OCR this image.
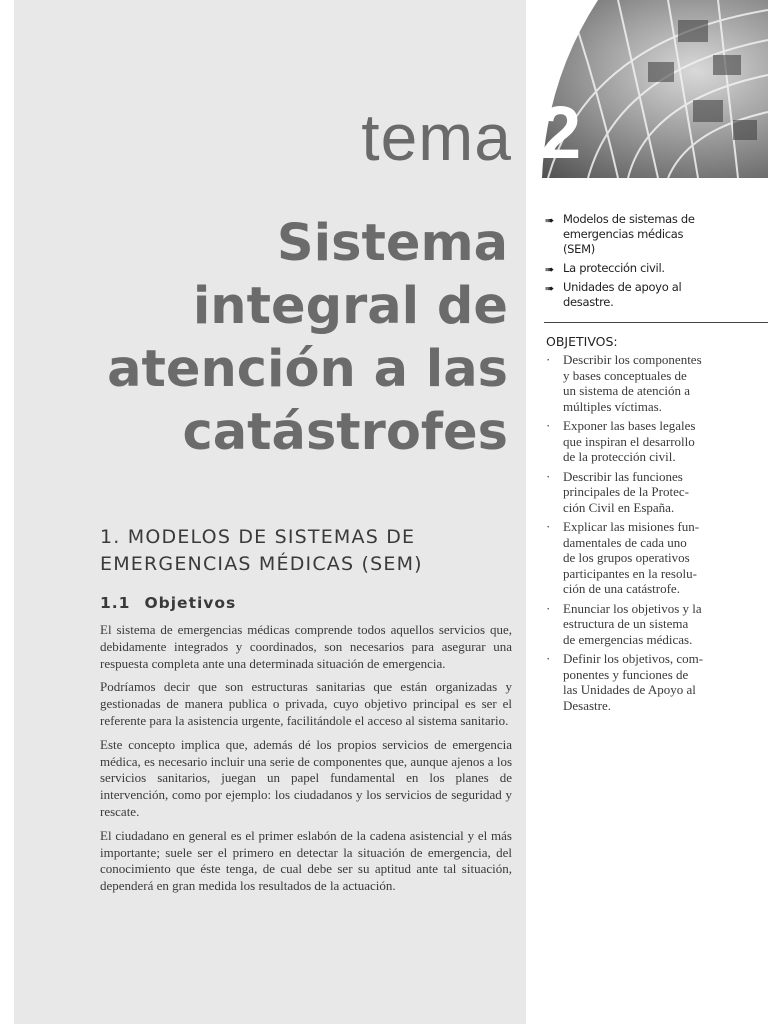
tema 2
Sistema
integral de
atención a las
catástrofes
➠ Modelos de sistemas de
emergencias médicas
(SEM)
➠ La protección civil.
➠ Unidades de apoyo al
desastre.
OBJETIVOS:
· Describir los componentes
y bases conceptuales de
un sistema de atención a
múltiples víctimas.
· Exponer las bases legales
que inspiran el desarrollo
de la protección civil.
· Describir las funciones
principales de la Protec-
ción Civil en España.
· Explicar las misiones fun-
damentales de cada uno
de los grupos operativos
participantes en la resolu-
ción de una catástrofe.
· Enunciar los objetivos y la
estructura de un sistema
de emergencias médicas.
· Definir los objetivos, com-
ponentes y funciones de
las Unidades de Apoyo al
Desastre.
1. MODELOS DE SISTEMAS DE
EMERGENCIAS MÉDICAS (SEM)
1.1 Objetivos

El sistema de emergencias médicas comprende todos aquellos servicios que, debidamente integrados y coordinados, son necesarios para asegurar una respuesta completa ante una determinada situación de emergencia.

Podríamos decir que son estructuras sanitarias que están organizadas y gestionadas de manera publica o privada, cuyo objetivo principal es ser el referente para la asistencia urgente, facilitándole el acceso al sistema sanitario.

Este concepto implica que, además dé los propios servicios de emergencia médica, es necesario incluir una serie de componentes que, aunque ajenos a los servicios sanitarios, juegan un papel fundamental en los planes de intervención, como por ejemplo: los ciudadanos y los servicios de seguridad y rescate.

El ciudadano en general es el primer eslabón de la cadena asistencial y el más importante; suele ser el primero en detectar la situación de emergencia, del conocimiento que éste tenga, de cual debe ser su aptitud ante tal situación, dependerá en gran medida los resultados de la actuación.
